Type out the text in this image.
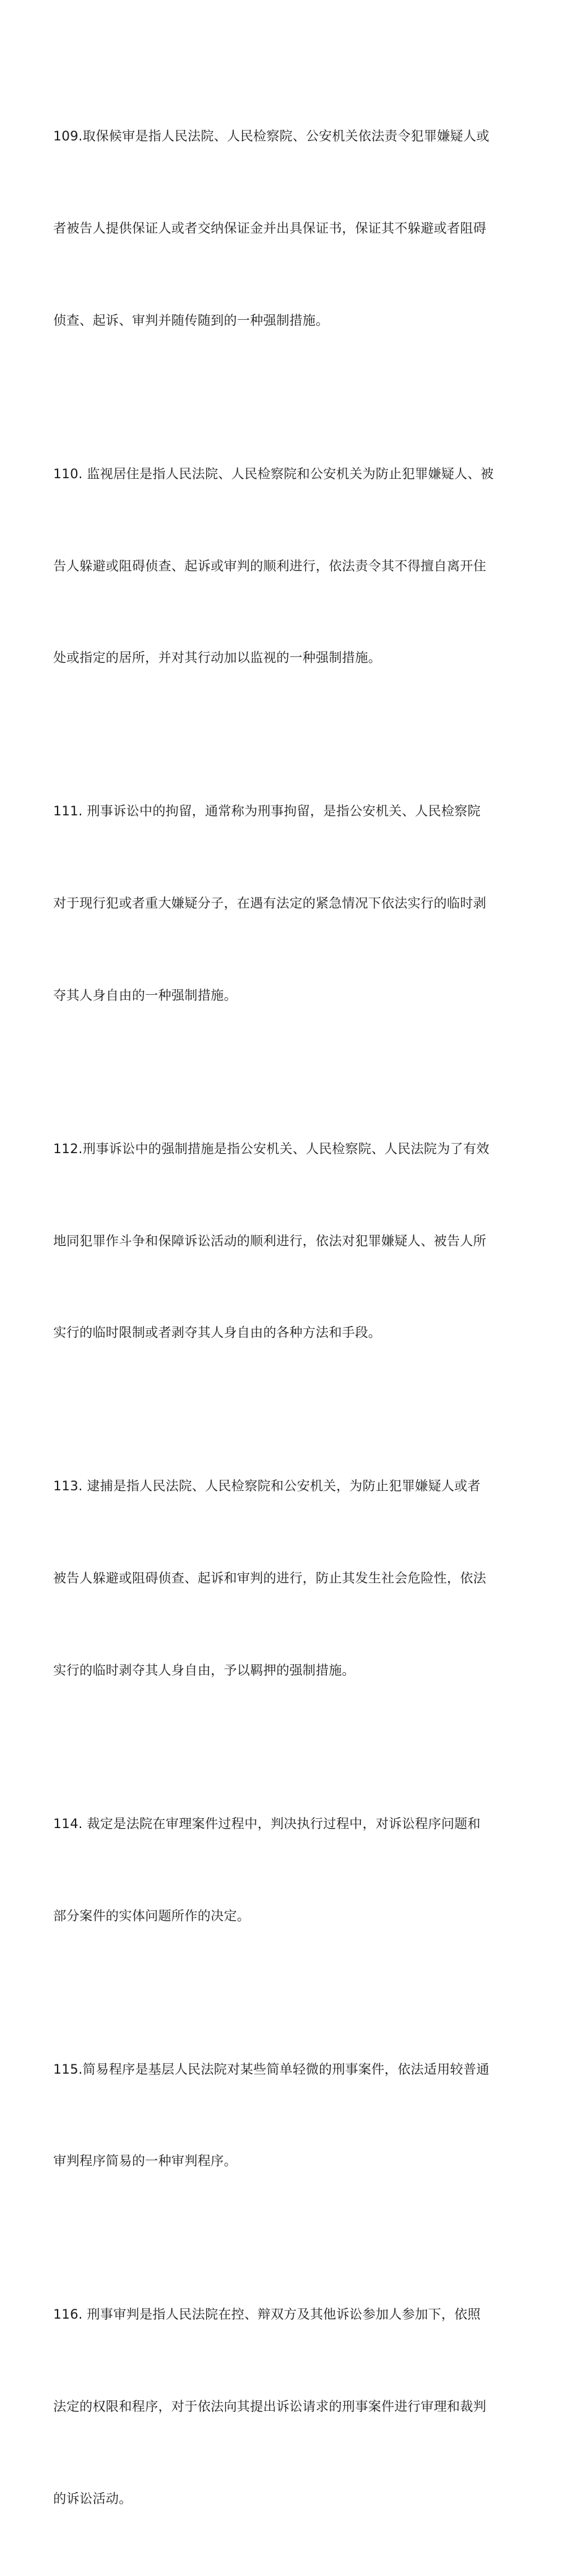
109.取保候审是指人民法院、人民检察院、公安机关依法责令犯罪嫌疑人或

者被告人提供保证人或者交纳保证金并出具保证书，保证其不躲避或者阻碍

侦查、起诉、审判并随传随到的一种强制措施。

110. 监视居住是指人民法院、人民检察院和公安机关为防止犯罪嫌疑人、被

告人躲避或阻碍侦查、起诉或审判的顺利进行，依法责令其不得擅自离开住

处或指定的居所，并对其行动加以监视的一种强制措施。

111. 刑事诉讼中的拘留，通常称为刑事拘留，是指公安机关、人民检察院

对于现行犯或者重大嫌疑分子，在遇有法定的紧急情况下依法实行的临时剥

夺其人身自由的一种强制措施。

112.刑事诉讼中的强制措施是指公安机关、人民检察院、人民法院为了有效

地同犯罪作斗争和保障诉讼活动的顺利进行，依法对犯罪嫌疑人、被告人所

实行的临时限制或者剥夺其人身自由的各种方法和手段。

113. 逮捕是指人民法院、人民检察院和公安机关，为防止犯罪嫌疑人或者

被告人躲避或阻碍侦查、起诉和审判的进行，防止其发生社会危险性，依法

实行的临时剥夺其人身自由，予以羁押的强制措施。

114. 裁定是法院在审理案件过程中，判决执行过程中，对诉讼程序问题和

部分案件的实体问题所作的决定。

115.简易程序是基层人民法院对某些简单轻微的刑事案件，依法适用较普通

审判程序简易的一种审判程序。

116. 刑事审判是指人民法院在控、辩双方及其他诉讼参加人参加下，依照

法定的权限和程序，对于依法向其提出诉讼请求的刑事案件进行审理和裁判

的诉讼活动。
